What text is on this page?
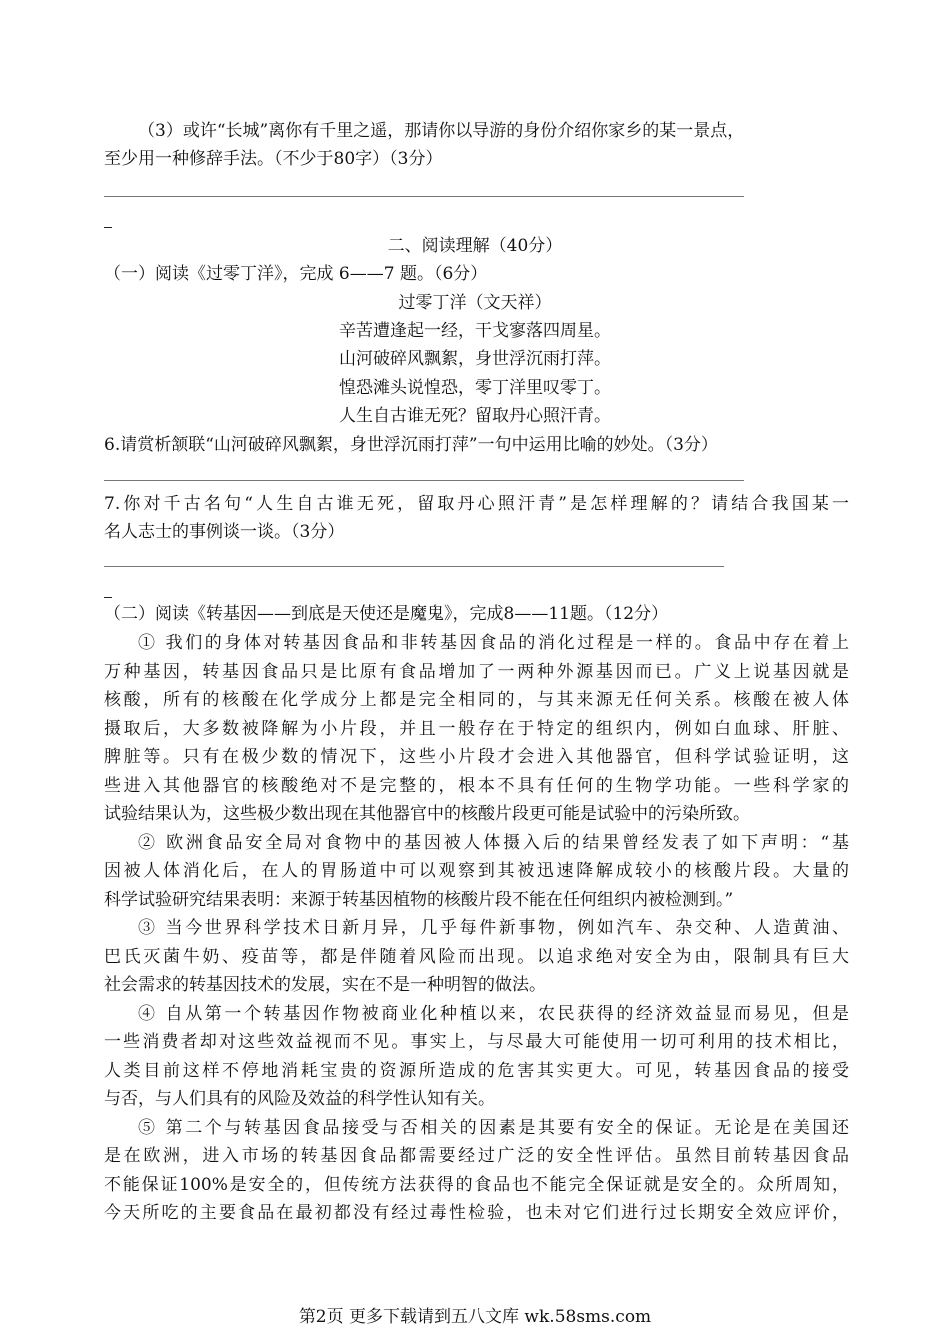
（3）或许“长城”离你有千里之遥，那请你以导游的身份介绍你家乡的某一景点，
至少用一种修辞手法。（不少于80字）（3分）
二、阅读理解（40分）
（一）阅读《过零丁洋》，完成 6——7 题。（6分）
过零丁洋（文天祥）
辛苦遭逢起一经，干戈寥落四周星。
山河破碎风飘絮，身世浮沉雨打萍。
惶恐滩头说惶恐，零丁洋里叹零丁。
人生自古谁无死？留取丹心照汗青。
6.请赏析颔联“山河破碎风飘絮，身世浮沉雨打萍”一句中运用比喻的妙处。（3分）
7.你对千古名句“人生自古谁无死，留取丹心照汗青”是怎样理解的？请结合我国某一
名人志士的事例谈一谈。（3分）
（二）阅读《转基因——到底是天使还是魔鬼》，完成8——11题。（12分）
① 我们的身体对转基因食品和非转基因食品的消化过程是一样的。食品中存在着上
万种基因，转基因食品只是比原有食品增加了一两种外源基因而已。广义上说基因就是
核酸，所有的核酸在化学成分上都是完全相同的，与其来源无任何关系。核酸在被人体
摄取后，大多数被降解为小片段，并且一般存在于特定的组织内，例如白血球、肝脏、
脾脏等。只有在极少数的情况下，这些小片段才会进入其他器官，但科学试验证明，这
些进入其他器官的核酸绝对不是完整的，根本不具有任何的生物学功能。一些科学家的
试验结果认为，这些极少数出现在其他器官中的核酸片段更可能是试验中的污染所致。
② 欧洲食品安全局对食物中的基因被人体摄入后的结果曾经发表了如下声明：“基
因被人体消化后，在人的胃肠道中可以观察到其被迅速降解成较小的核酸片段。大量的
科学试验研究结果表明：来源于转基因植物的核酸片段不能在任何组织内被检测到。”
③ 当今世界科学技术日新月异，几乎每件新事物，例如汽车、杂交种、人造黄油、
巴氏灭菌牛奶、疫苗等，都是伴随着风险而出现。以追求绝对安全为由，限制具有巨大
社会需求的转基因技术的发展，实在不是一种明智的做法。
④ 自从第一个转基因作物被商业化种植以来，农民获得的经济效益显而易见，但是
一些消费者却对这些效益视而不见。事实上，与尽最大可能使用一切可利用的技术相比，
人类目前这样不停地消耗宝贵的资源所造成的危害其实更大。可见，转基因食品的接受
与否，与人们具有的风险及效益的科学性认知有关。
⑤ 第二个与转基因食品接受与否相关的因素是其要有安全的保证。无论是在美国还
是在欧洲，进入市场的转基因食品都需要经过广泛的安全性评估。虽然目前转基因食品
不能保证100%是安全的，但传统方法获得的食品也不能完全保证就是安全的。众所周知，
今天所吃的主要食品在最初都没有经过毒性检验，也未对它们进行过长期安全效应评价，
第2页 更多下载请到五八文库 wk.58sms.com
